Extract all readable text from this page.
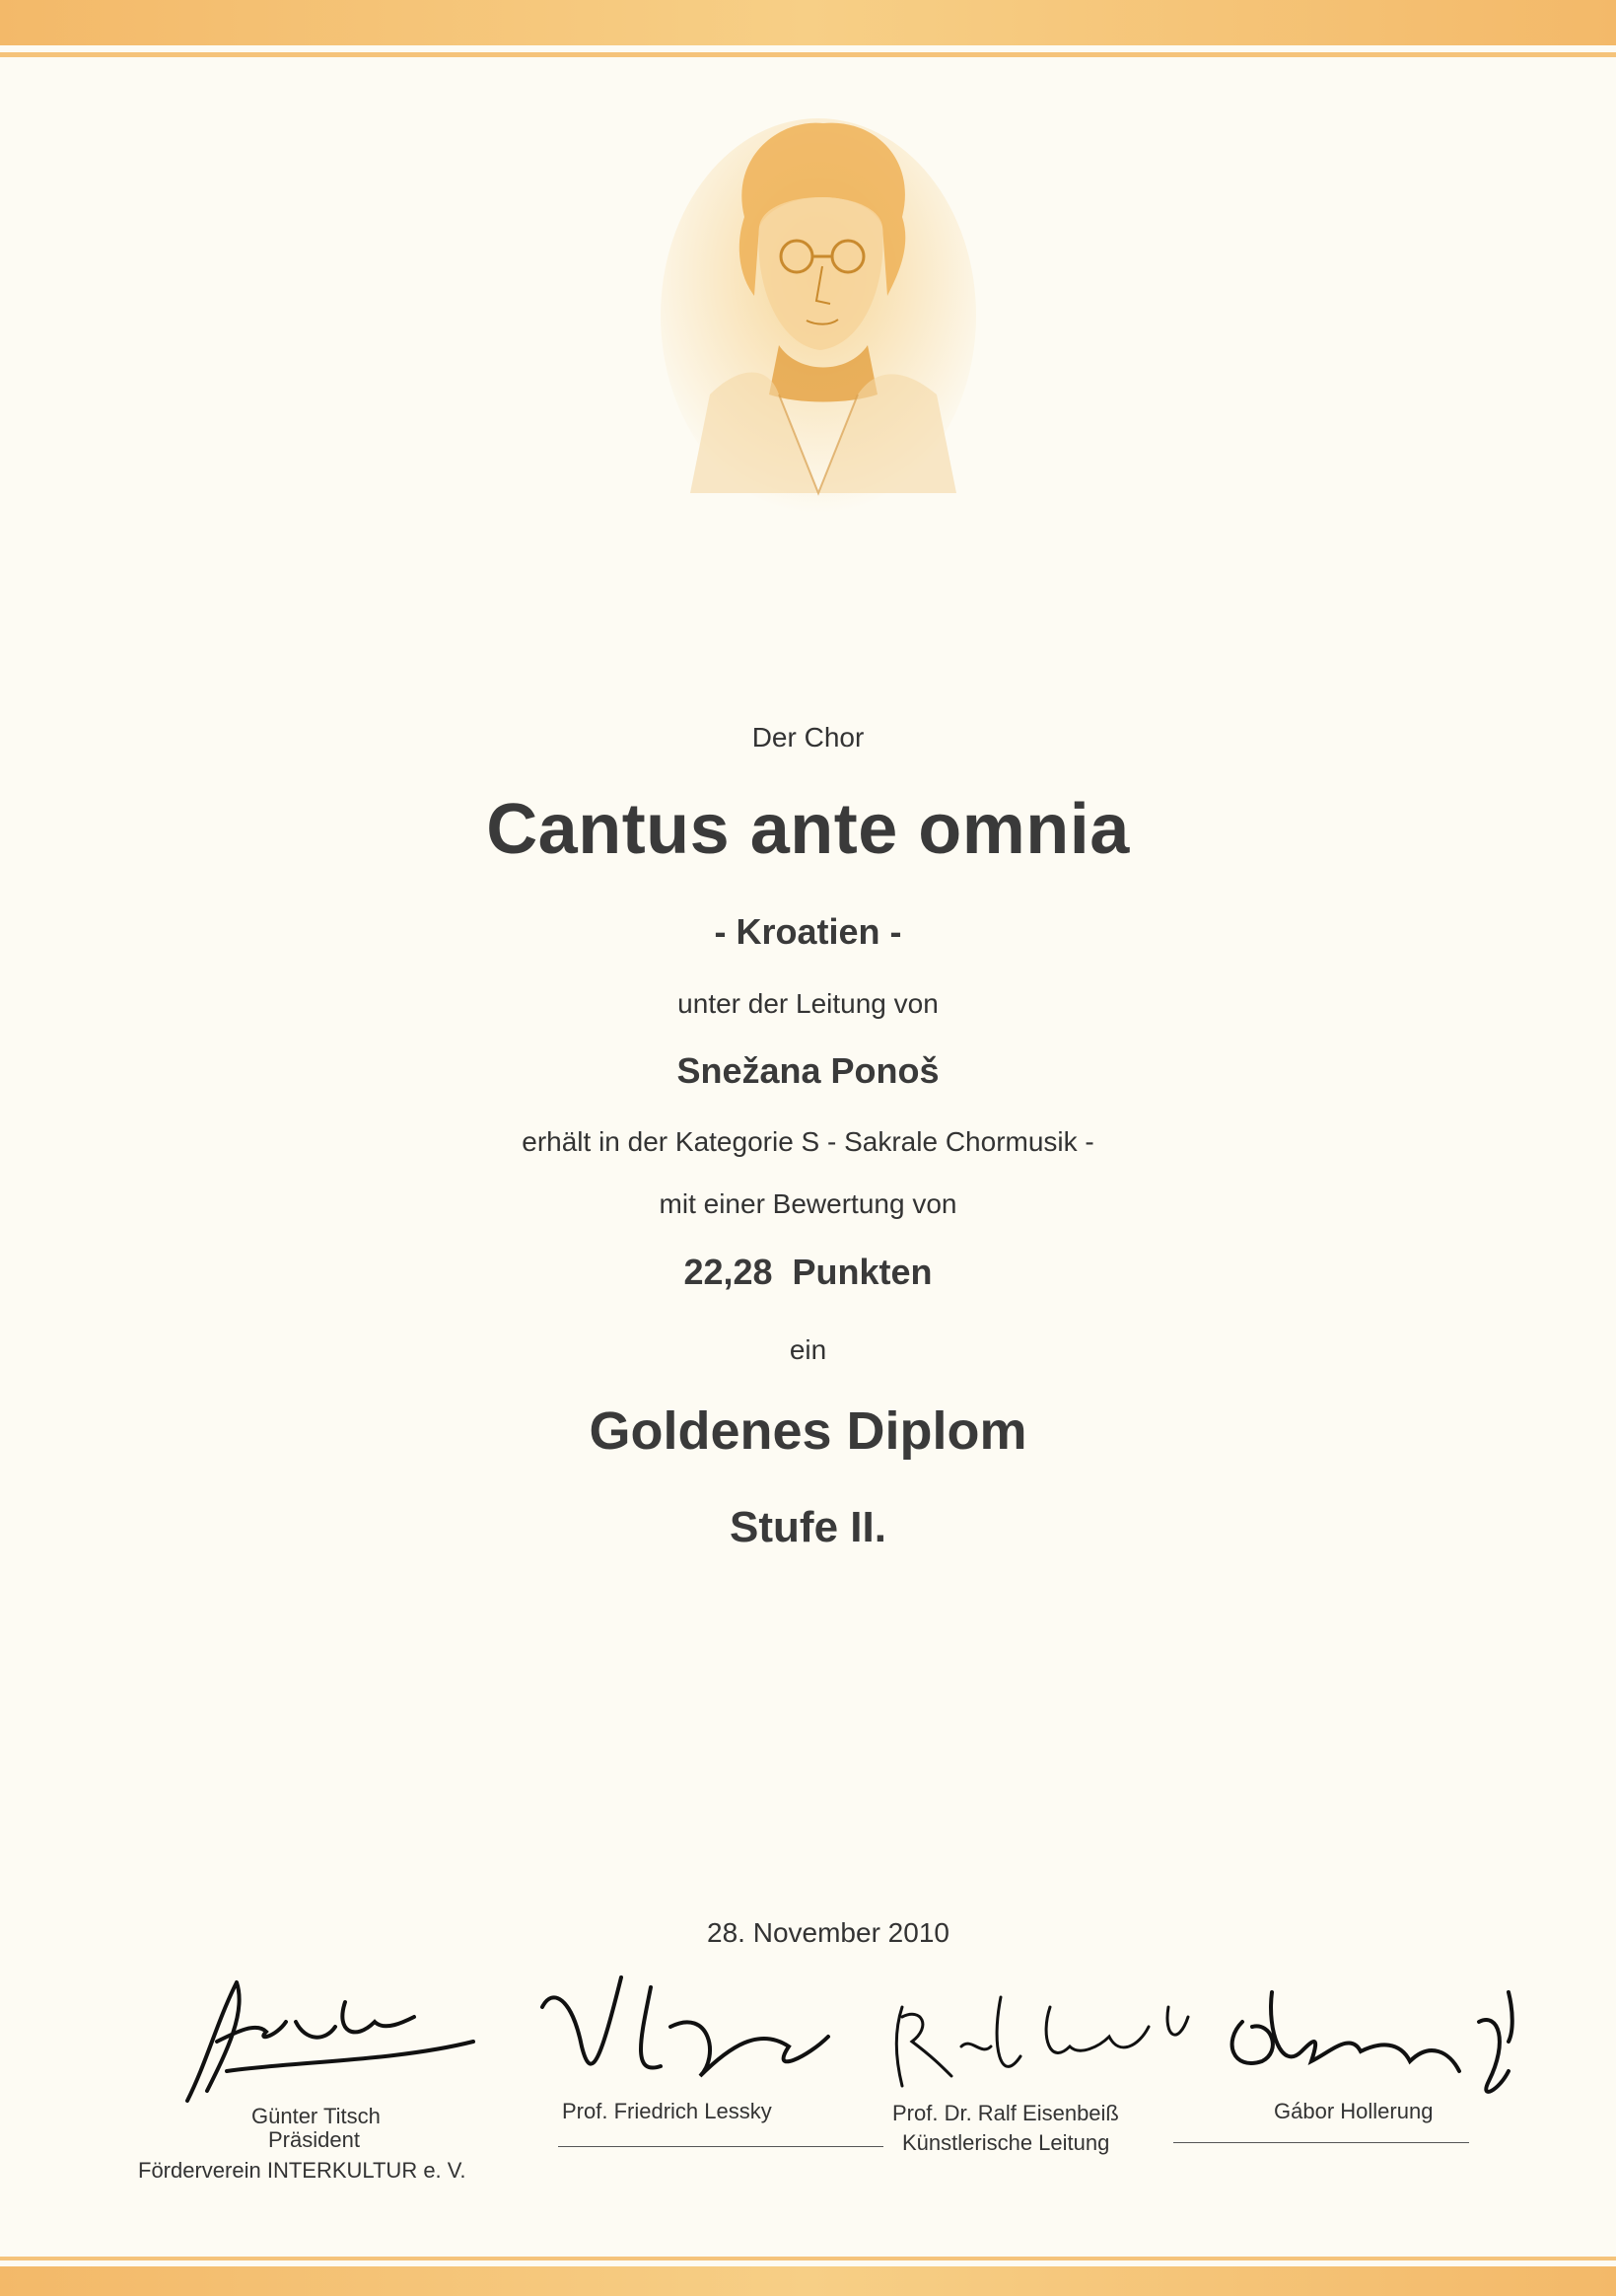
Der Chor
Cantus ante omnia
- Kroatien -
unter der Leitung von
Snežana Ponoš
erhält in der Kategorie S - Sakrale Chormusik -
mit einer Bewertung von
22,28  Punkten
ein
Goldenes Diplom
Stufe II.
28. November 2010
Günter Titsch
Präsident
Förderverein INTERKULTUR e. V.
Prof. Friedrich Lessky	Prof. Dr. Ralf Eisenbeiß
Künstlerische Leitung
Gábor Hollerung
